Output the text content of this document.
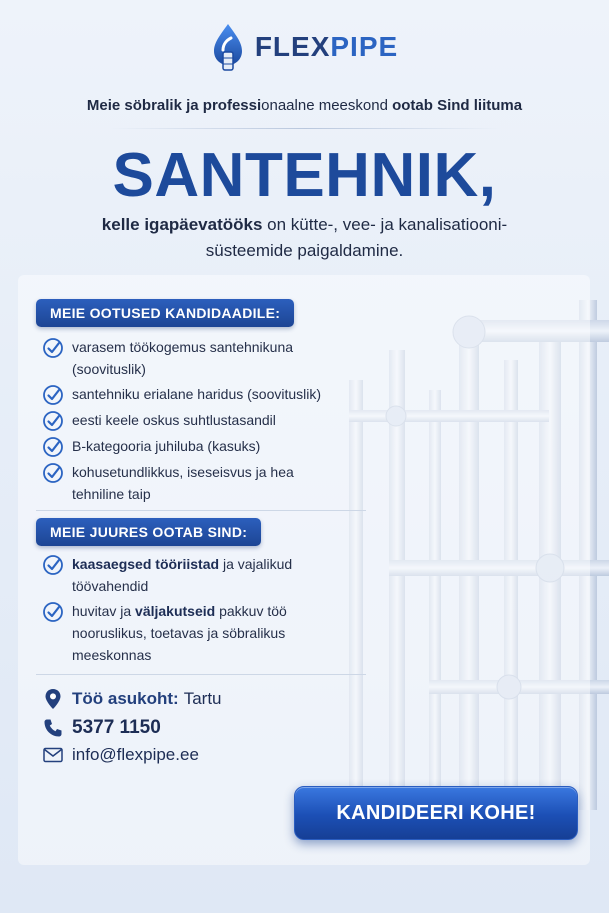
FLEXPIPE
Meie söbralik ja professionaalne meeskond ootab Sind liituma
SANTEHNIK,
kelle igapäevatööks on kütte-, vee- ja kanalisatiooni-
süsteemide paigaldamine.
MEIE OOTUSED KANDIDAADILE:
varasem töökogemus santehnikuna
(soovituslik)
santehniku erialane haridus (soovituslik)
eesti keele oskus suhtlustasandil
B-kategooria juhiluba (kasuks)
kohusetundlikkus, iseseisvus ja hea
tehniline taip
MEIE JUURES OOTAB SIND:
kaasaegsed tööriistad ja vajalikud
töövahendid
huvitav ja väljakutseid pakkuv töö
nooruslikus, toetavas ja söbralikus
meeskonnas
Töö asukoht: Tartu
5377 1150
info@flexpipe.ee
KANDIDEERI KOHE!
